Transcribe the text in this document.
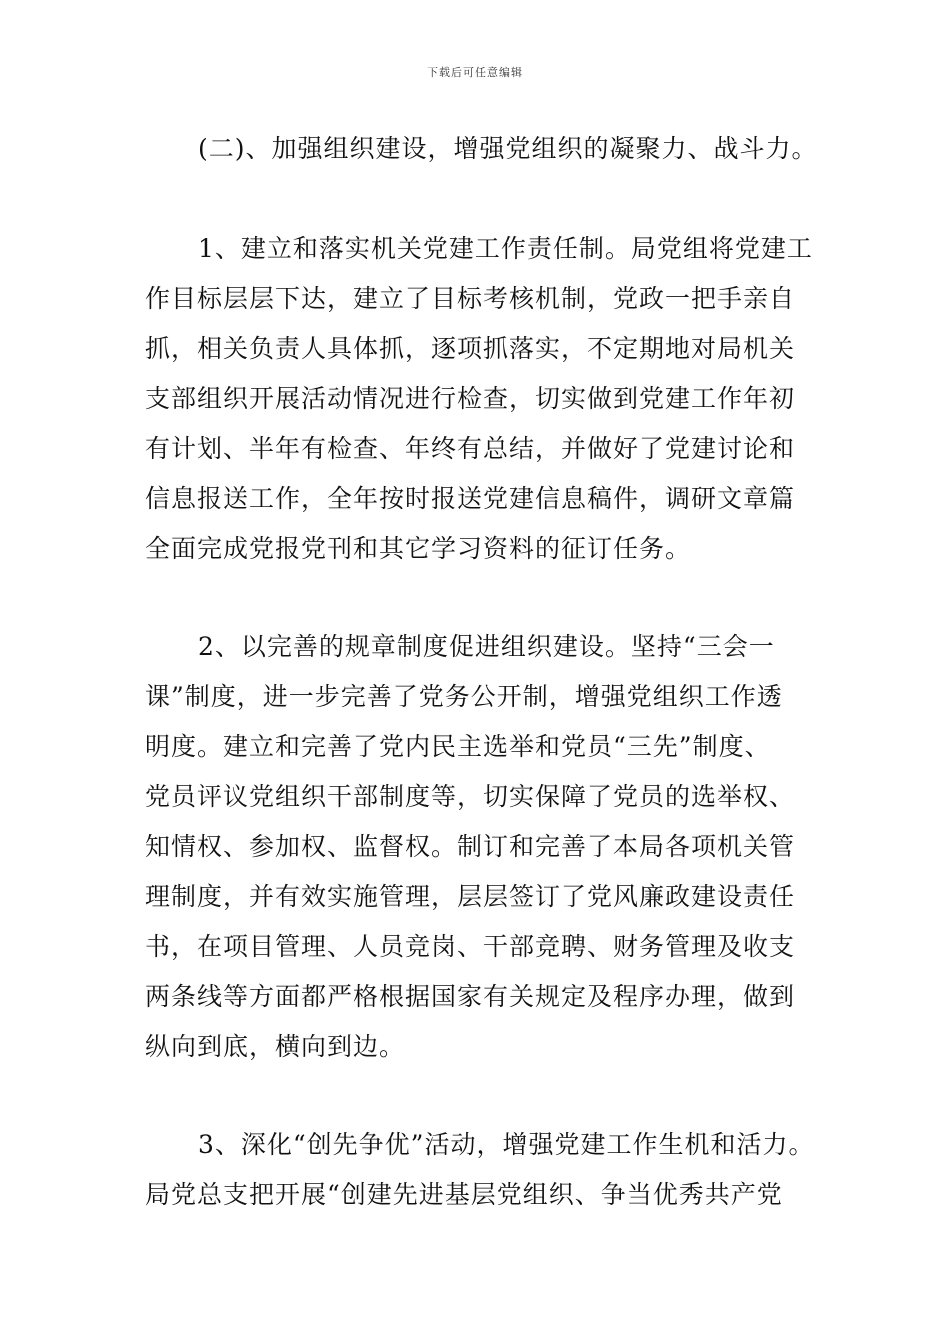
下载后可任意编辑
(二)、加强组织建设，增强党组织的凝聚力、战斗力。
1、建立和落实机关党建工作责任制。局党组将党建工
作目标层层下达，建立了目标考核机制，党政一把手亲自
抓，相关负责人具体抓，逐项抓落实，不定期地对局机关
支部组织开展活动情况进行检查，切实做到党建工作年初
有计划、半年有检查、年终有总结，并做好了党建讨论和
信息报送工作，全年按时报送党建信息稿件，调研文章篇
全面完成党报党刊和其它学习资料的征订任务。
2、以完善的规章制度促进组织建设。坚持“三会一
课”制度，进一步完善了党务公开制，增强党组织工作透
明度。建立和完善了党内民主选举和党员“三先”制度、
党员评议党组织干部制度等，切实保障了党员的选举权、
知情权、参加权、监督权。制订和完善了本局各项机关管
理制度，并有效实施管理，层层签订了党风廉政建设责任
书，在项目管理、人员竞岗、干部竞聘、财务管理及收支
两条线等方面都严格根据国家有关规定及程序办理，做到
纵向到底，横向到边。
3、深化“创先争优”活动，增强党建工作生机和活力。
局党总支把开展“创建先进基层党组织、争当优秀共产党
